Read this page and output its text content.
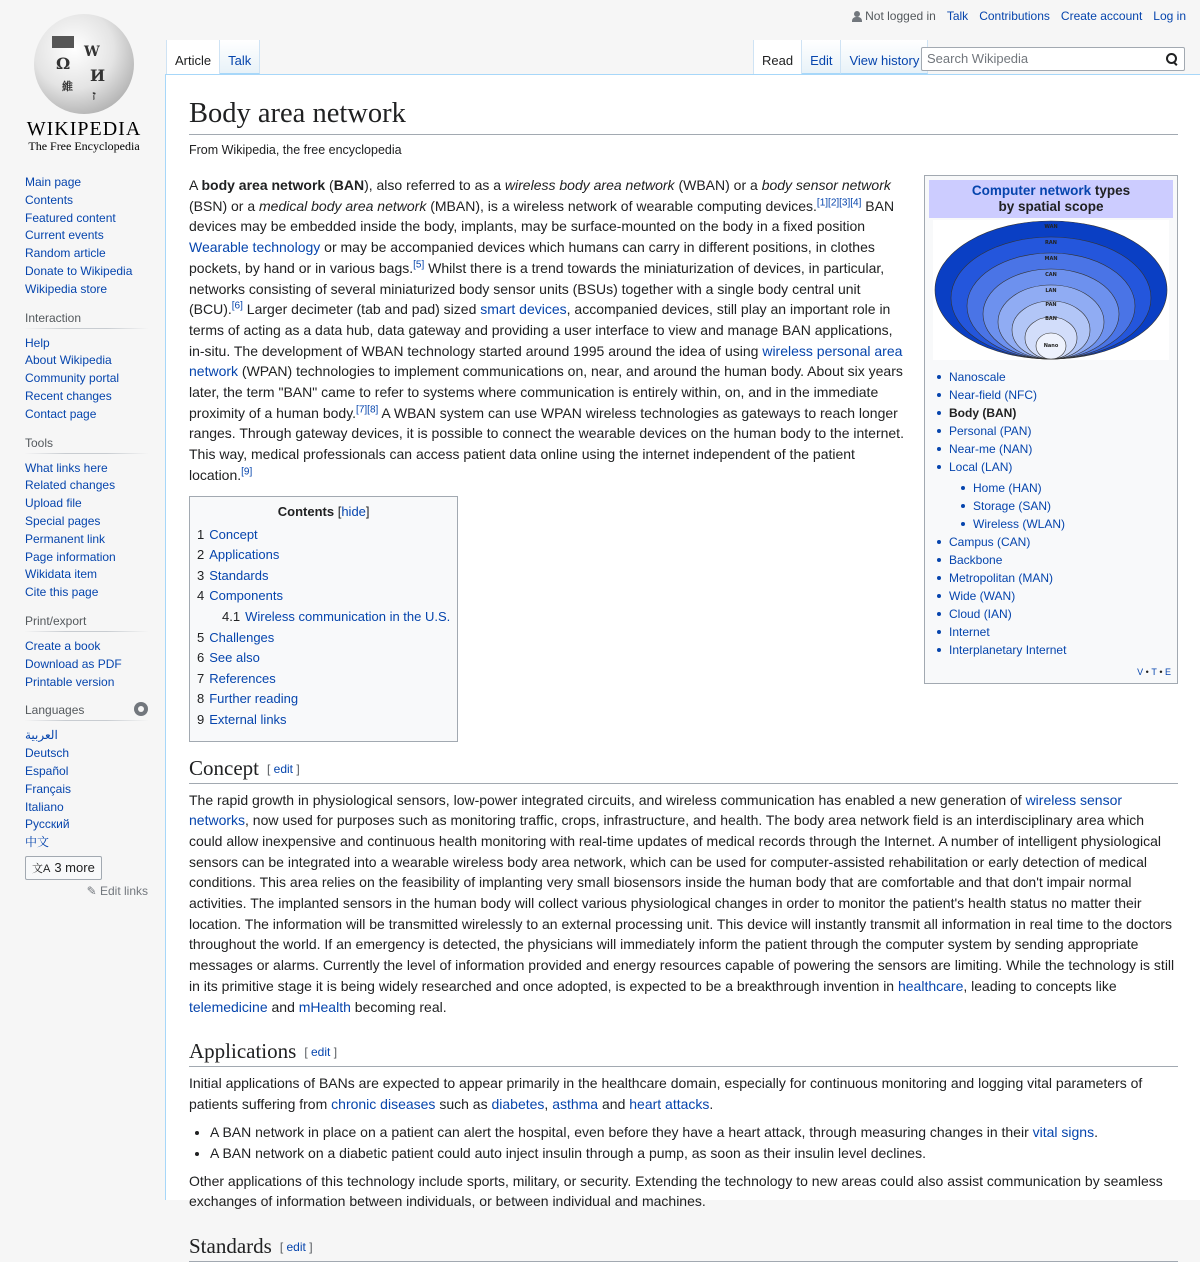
Ω
W
И
維
ז
WIKIPEDIA
The Free Encyclopedia
Not logged in Talk Contributions Create account Log in
Article	Talk	Read	Edit	View history Search Wikipedia
Main page
Contents
Featured content
Current events
Random article
Donate to Wikipedia
Wikipedia store
Interaction
Help
About Wikipedia
Community portal
Recent changes
Contact page
Tools
What links here
Related changes
Upload file
Special pages
Permanent link
Page information
Wikidata item
Cite this page
Print/export
Create a book
Download as PDF
Printable version
Languages
العربية
Deutsch
Español
Français
Italiano
Русский
中文
文A 3 more
✎ Edit links
Body area network
From Wikipedia, the free encyclopedia
Computer network types
by spatial scope
WAN
RAN
MAN
CAN
LAN
PAN
BAN
Nano
Nanoscale
Near-field (NFC)
Body (BAN)
Personal (PAN)
Near-me (NAN)
Local (LAN)
Home (HAN)
Storage (SAN)
Wireless (WLAN)
Campus (CAN)
Backbone
Metropolitan (MAN)
Wide (WAN)
Cloud (IAN)
Internet
Interplanetary Internet
V • T • E

A body area network (BAN), also referred to as a wireless body area network (WBAN) or a body sensor network (BSN) or a medical body area network (MBAN), is a wireless network of wearable computing devices.[1][2][3][4] BAN devices may be embedded inside the body, implants, may be surface-mounted on the body in a fixed position Wearable technology or may be accompanied devices which humans can carry in different positions, in clothes pockets, by hand or in various bags.[5] Whilst there is a trend towards the miniaturization of devices, in particular, networks consisting of several miniaturized body sensor units (BSUs) together with a single body central unit (BCU).[6] Larger decimeter (tab and pad) sized smart devices, accompanied devices, still play an important role in terms of acting as a data hub, data gateway and providing a user interface to view and manage BAN applications, in-situ. The development of WBAN technology started around 1995 around the idea of using wireless personal area network (WPAN) technologies to implement communications on, near, and around the human body. About six years later, the term "BAN" came to refer to systems where communication is entirely within, on, and in the immediate proximity of a human body.[7][8] A WBAN system can use WPAN wireless technologies as gateways to reach longer ranges. Through gateway devices, it is possible to connect the wearable devices on the human body to the internet. This way, medical professionals can access patient data online using the internet independent of the patient location.[9]

Contents [hide]
1 Concept
2 Applications
3 Standards
4 Components
4.1 Wireless communication in the U.S.
5 Challenges
6 See also
7 References
8 Further reading
9 External links
Concept [ edit ]

The rapid growth in physiological sensors, low-power integrated circuits, and wireless communication has enabled a new generation of wireless sensor networks, now used for purposes such as monitoring traffic, crops, infrastructure, and health. The body area network field is an interdisciplinary area which could allow inexpensive and continuous health monitoring with real-time updates of medical records through the Internet. A number of intelligent physiological sensors can be integrated into a wearable wireless body area network, which can be used for computer-assisted rehabilitation or early detection of medical conditions. This area relies on the feasibility of implanting very small biosensors inside the human body that are comfortable and that don't impair normal activities. The implanted sensors in the human body will collect various physiological changes in order to monitor the patient's health status no matter their location. The information will be transmitted wirelessly to an external processing unit. This device will instantly transmit all information in real time to the doctors throughout the world. If an emergency is detected, the physicians will immediately inform the patient through the computer system by sending appropriate messages or alarms. Currently the level of information provided and energy resources capable of powering the sensors are limiting. While the technology is still in its primitive stage it is being widely researched and once adopted, is expected to be a breakthrough invention in healthcare, leading to concepts like telemedicine and mHealth becoming real.

Applications [ edit ]

Initial applications of BANs are expected to appear primarily in the healthcare domain, especially for continuous monitoring and logging vital parameters of patients suffering from chronic diseases such as diabetes, asthma and heart attacks.

• A BAN network in place on a patient can alert the hospital, even before they have a heart attack, through measuring changes in their vital signs.
• A BAN network on a diabetic patient could auto inject insulin through a pump, as soon as their insulin level declines.

Other applications of this technology include sports, military, or security. Extending the technology to new areas could also assist communication by seamless exchanges of information between individuals, or between individual and machines.

Standards [ edit ]
